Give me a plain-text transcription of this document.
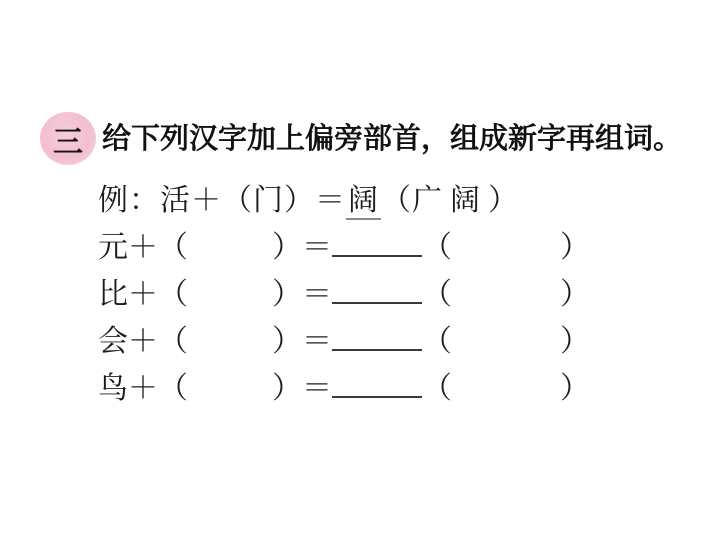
三 给下列汉字加上偏旁部首，组成新字再组词。
例：活＋（门）＝阔（广阔）
元＋（	）＝	（	）
比＋（	）＝	（	）
会＋（	）＝	（	）
鸟＋（	）＝	（	）
